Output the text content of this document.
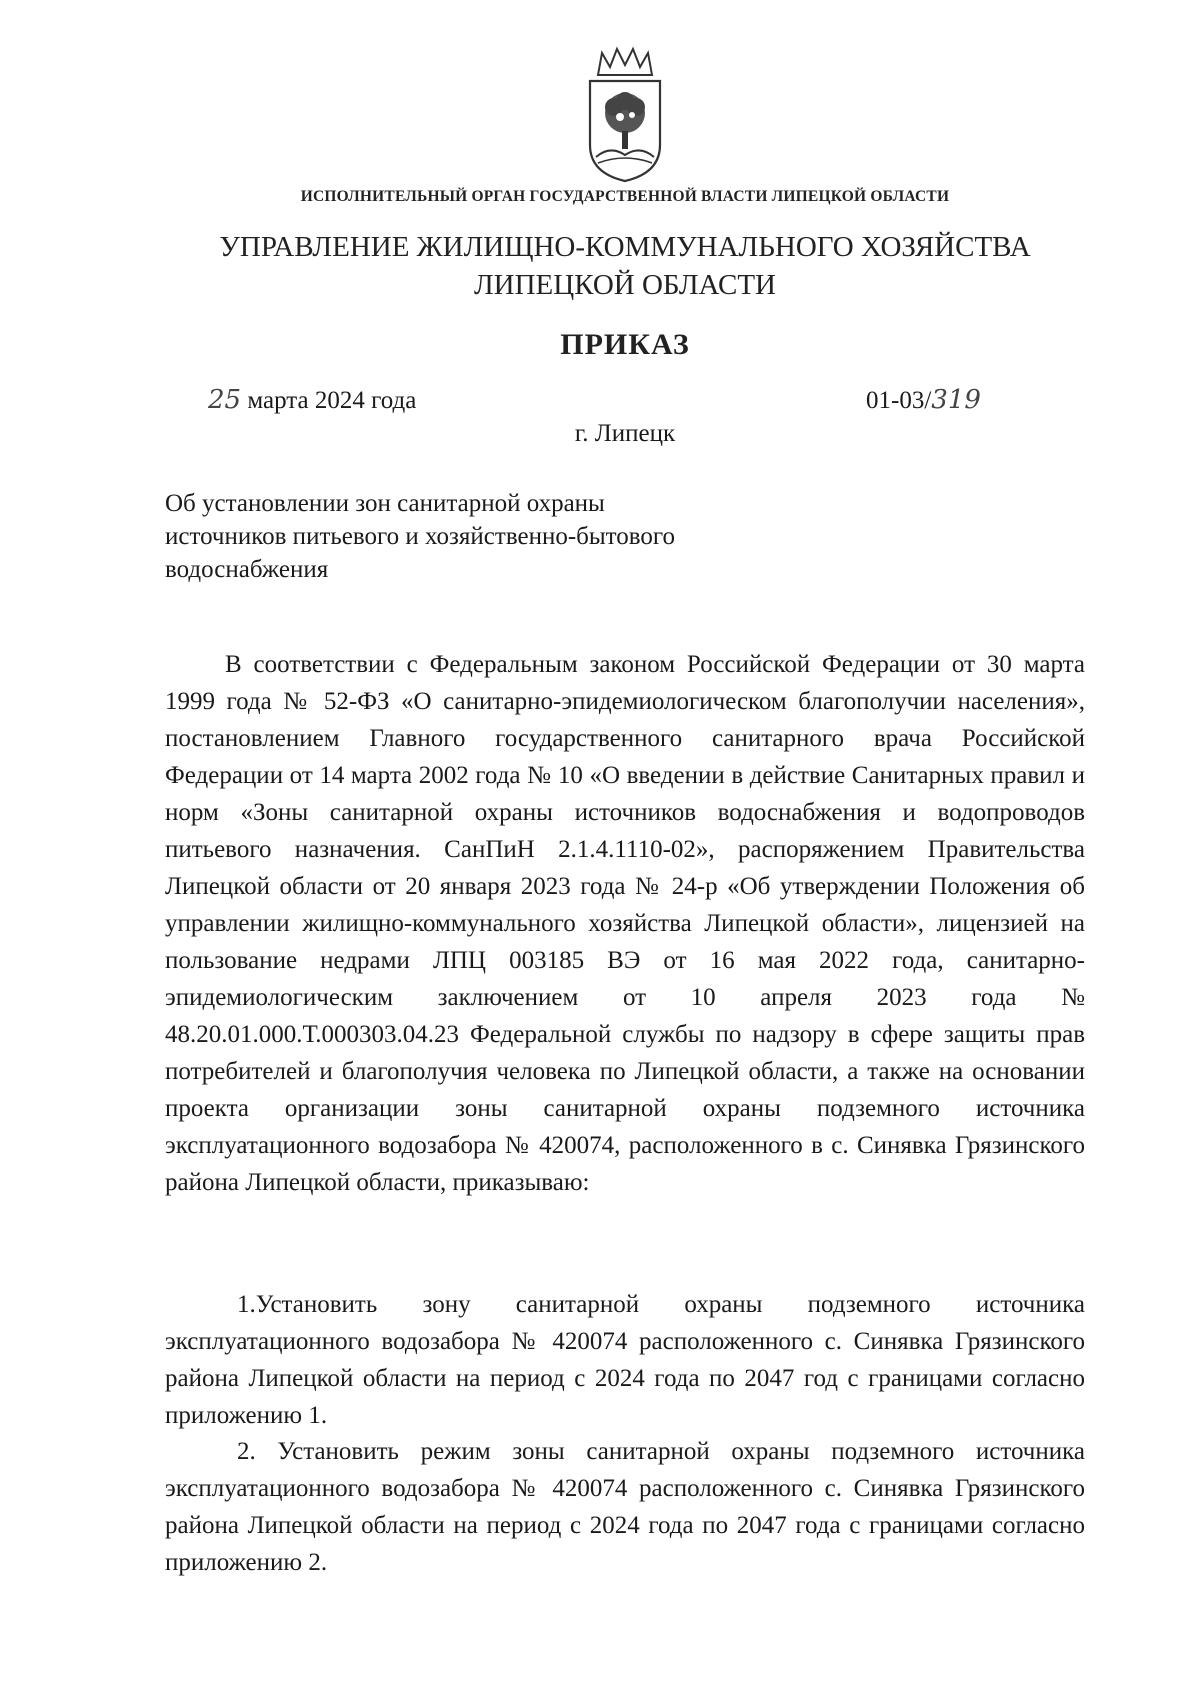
ИСПОЛНИТЕЛЬНЫЙ ОРГАН ГОСУДАРСТВЕННОЙ ВЛАСТИ ЛИПЕЦКОЙ ОБЛАСТИ
УПРАВЛЕНИЕ ЖИЛИЩНО-КОММУНАЛЬНОГО ХОЗЯЙСТВА
ЛИПЕЦКОЙ ОБЛАСТИ
ПРИКАЗ
25 марта 2024 года	01-03/319
г. Липецк
Об установлении зон санитарной охраны
источников питьевого и хозяйственно-бытового
водоснабжения
В соответствии с Федеральным законом Российской Федерации от 30 марта 1999 года № 52-ФЗ «О санитарно-эпидемиологическом благополучии населения», постановлением Главного государственного санитарного врача Российской Федерации от 14 марта 2002 года № 10 «О введении в действие Санитарных правил и норм «Зоны санитарной охраны источников водоснабжения и водопроводов питьевого назначения. СанПиН 2.1.4.1110-02», распоряжением Правительства Липецкой области от 20 января 2023 года № 24-р «Об утверждении Положения об управлении жилищно-коммунального хозяйства Липецкой области», лицензией на пользование недрами ЛПЦ 003185 ВЭ от 16 мая 2022 года, санитарно-эпидемиологическим заключением от 10 апреля 2023 года № 48.20.01.000.Т.000303.04.23 Федеральной службы по надзору в сфере защиты прав потребителей и благополучия человека по Липецкой области, а также на основании проекта организации зоны санитарной охраны подземного источника эксплуатационного водозабора № 420074, расположенного в с. Синявка Грязинского района Липецкой области, приказываю:
1.Установить зону санитарной охраны подземного источника эксплуатационного водозабора № 420074 расположенного с. Синявка Грязинского района Липецкой области на период с 2024 года по 2047 год с границами согласно приложению 1.
2. Установить режим зоны санитарной охраны подземного источника эксплуатационного водозабора № 420074 расположенного с. Синявка Грязинского района Липецкой области на период с 2024 года по 2047 года с границами согласно приложению 2.
